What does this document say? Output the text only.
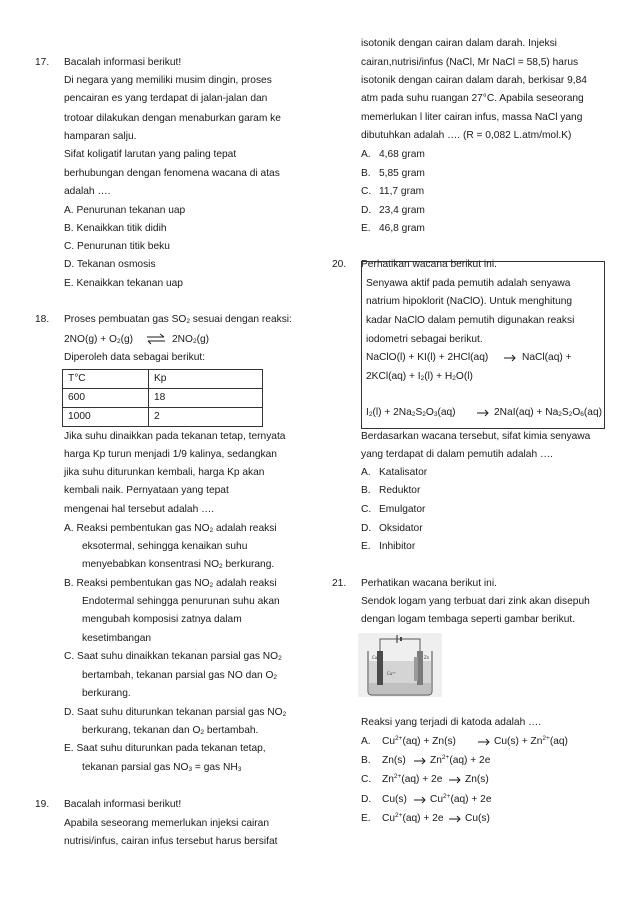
17. Bacalah informasi berikut!
Di negara yang memiliki musim dingin, proses
pencairan es yang terdapat di jalan-jalan dan
trotoar dilakukan dengan menaburkan garam ke
hamparan salju.
Sifat koligatif larutan yang paling tepat
berhubungan dengan fenomena wacana di atas
adalah ….
A. Penurunan tekanan uap
B. Kenaikkan titik didih
C. Penurunan titik beku
D. Tekanan osmosis
E. Kenaikkan tekanan uap
18. Proses pembuatan gas $SO_2$ sesuai dengan reaksi:
$2NO(g) + O_2(g)$ ⇌ $2NO_2(g)$
Diperoleh data sebagai berikut:
T°C	Kp
600	18
1000	2
Jika suhu dinaikkan pada tekanan tetap, ternyata
harga Kp turun menjadi 1/9 kalinya, sedangkan
jika suhu diturunkan kembali, harga Kp akan
kembali naik. Pernyataan yang tepat
mengenai hal tersebut adalah ….
A. Reaksi pembentukan gas $NO_2$ adalah reaksi
eksotermal, sehingga kenaikan suhu
menyebabkan konsentrasi $NO_2$ berkurang.
B. Reaksi pembentukan gas $NO_2$ adalah reaksi
Endotermal sehingga penurunan suhu akan
mengubah komposisi zatnya dalam
kesetimbangan
C. Saat suhu dinaikkan tekanan parsial gas $NO_2$
bertambah, tekanan parsial gas NO dan $O_2$
berkurang.
D. Saat suhu diturunkan tekanan parsial gas $NO_2$
berkurang, tekanan dan $O_2$ bertambah.
E. Saat suhu diturunkan pada tekanan tetap,
tekanan parsial gas $NO_3$ = gas $NH_3$
19. Bacalah informasi berikut!
Apabila seseorang memerlukan injeksi cairan
nutrisi/infus, cairan infus tersebut harus bersifat
isotonik dengan cairan dalam darah. Injeksi
cairan,nutrisi/infus (NaCl, Mr NaCl = 58,5) harus
isotonik dengan cairan dalam darah, berkisar 9,84
atm pada suhu ruangan 27°C. Apabila seseorang
memerlukan l liter cairan infus, massa NaCl yang
dibutuhkan adalah …. (R = 0,082 L.atm/mol.K)
A. 4,68 gram
B. 5,85 gram
C. 11,7 gram
D. 23,4 gram
E. 46,8 gram
20. Perhatikan wacana berikut ini.
Senyawa aktif pada pemutih adalah senyawa
natrium hipoklorit (NaClO). Untuk menghitung
kadar NaClO dalam pemutih digunakan reaksi
iodometri sebagai berikut.
NaClO(l) + KI(l) + 2HCl(aq)	NaCl(aq) +
$2KCl(aq) + I_2(l) + H_2O(l)$
$I_2(l) + 2Na_2S_2O_3(aq)$	$2NaI(aq) + Na_2S_2O_6(aq)$
Berdasarkan wacana tersebut, sifat kimia senyawa
yang terdapat di dalam pemutih adalah ….
A. Katalisator
B. Reduktor
C. Emulgator
D. Oksidator
E. Inhibitor
21. Perhatikan wacana berikut ini.
Sendok logam yang terbuat dari zink akan disepuh
dengan logam tembaga seperti gambar berikut.
Cu²⁺
Cu	Zn
Reaksi yang terjadi di katoda adalah ….
A. $Cu^{2+}(aq) + Zn(s)$	$Cu(s) + Zn^{2+}(aq)$
B. Zn(s) $Zn^{2+}(aq) + 2e$
C. $Zn^{2+}(aq) + 2e$ Zn(s)
D. Cu(s) $Cu^{2+}(aq) + 2e$
E. $Cu^{2+}(aq) + 2e$ Cu(s)
